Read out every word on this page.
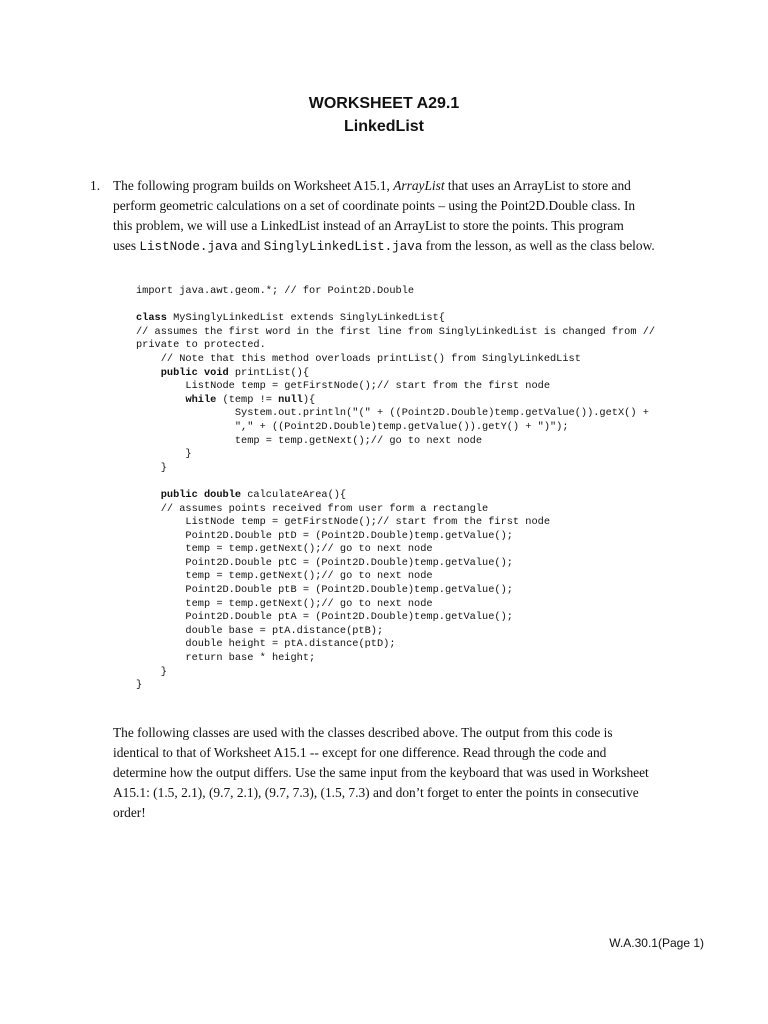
WORKSHEET A29.1
LinkedList
1. The following program builds on Worksheet A15.1, ArrayList that uses an ArrayList to store and
perform geometric calculations on a set of coordinate points – using the Point2D.Double class. In
this problem, we will use a LinkedList instead of an ArrayList to store the points. This program
uses ListNode.java and SinglyLinkedList.java from the lesson, as well as the class below.
import java.awt.geom.*; // for Point2D.Double

class MySinglyLinkedList extends SinglyLinkedList{
// assumes the first word in the first line from SinglyLinkedList is changed from //
private to protected.
// Note that this method overloads printList() from SinglyLinkedList
public void printList(){
ListNode temp = getFirstNode();// start from the first node
while (temp != null){
System.out.println("(" + ((Point2D.Double)temp.getValue()).getX() +
"," + ((Point2D.Double)temp.getValue()).getY() + ")");
temp = temp.getNext();// go to next node
}
}

public double calculateArea(){
// assumes points received from user form a rectangle
ListNode temp = getFirstNode();// start from the first node
Point2D.Double ptD = (Point2D.Double)temp.getValue();
temp = temp.getNext();// go to next node
Point2D.Double ptC = (Point2D.Double)temp.getValue();
temp = temp.getNext();// go to next node
Point2D.Double ptB = (Point2D.Double)temp.getValue();
temp = temp.getNext();// go to next node
Point2D.Double ptA = (Point2D.Double)temp.getValue();
double base = ptA.distance(ptB);
double height = ptA.distance(ptD);
return base * height;
}
}
The following classes are used with the classes described above. The output from this code is
identical to that of Worksheet A15.1 -- except for one difference. Read through the code and
determine how the output differs. Use the same input from the keyboard that was used in Worksheet
A15.1: (1.5, 2.1), (9.7, 2.1), (9.7, 7.3), (1.5, 7.3) and don’t forget to enter the points in consecutive
order!
W.A.30.1(Page 1)
